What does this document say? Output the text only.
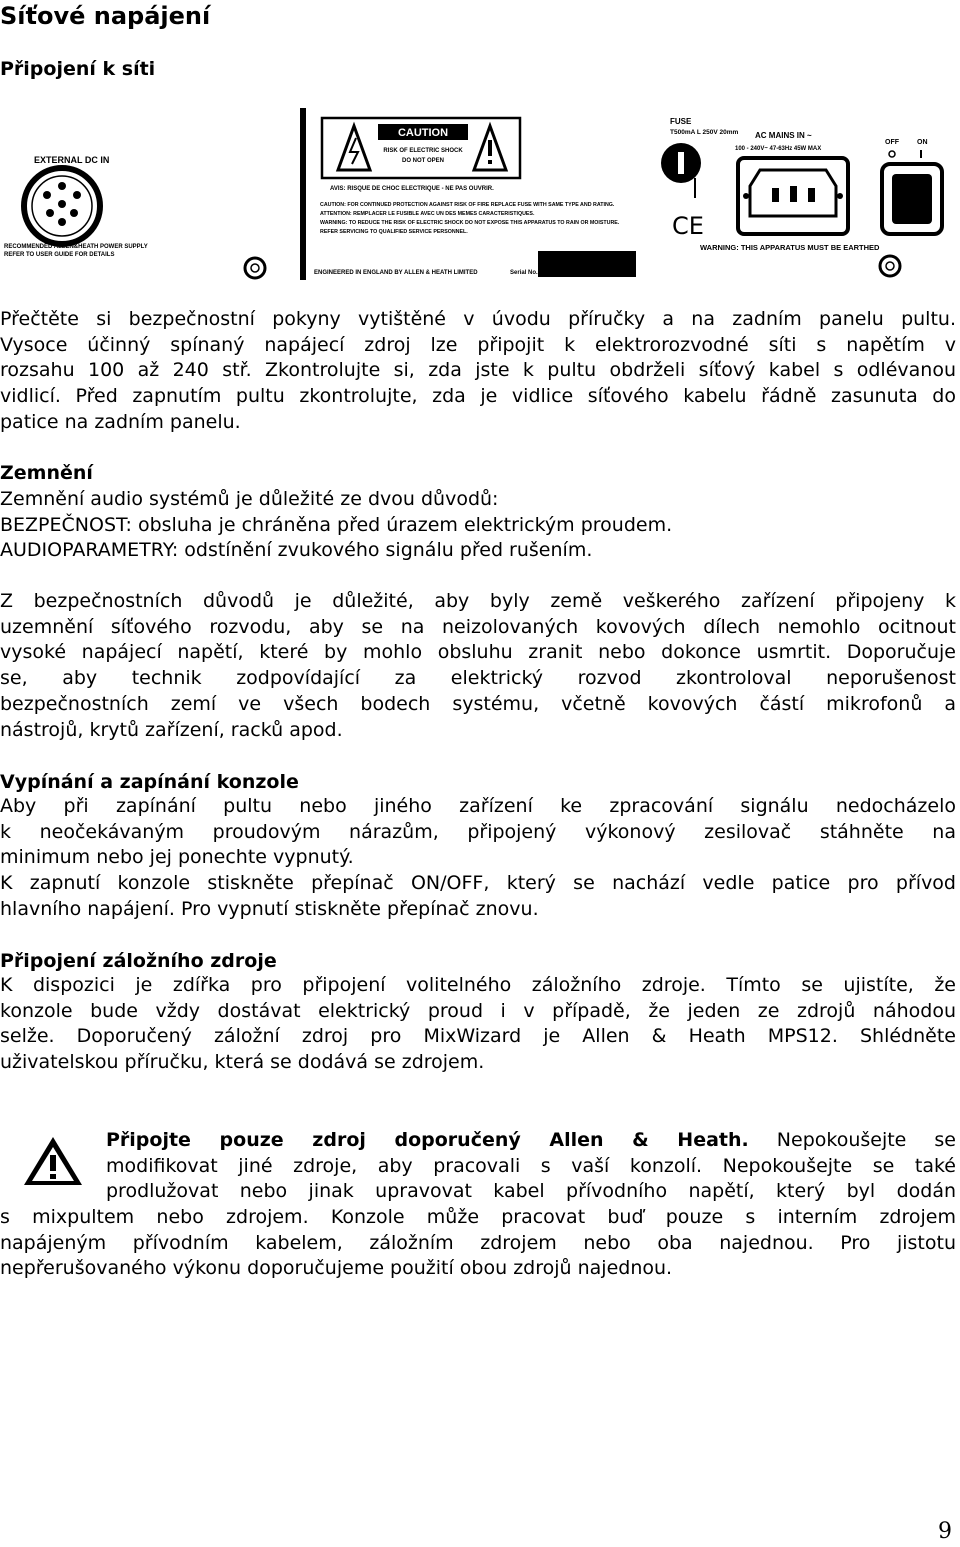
Síťové napájení
Připojení k síti
EXTERNAL DC IN
RECOMMENDED ALLEN&HEATH POWER SUPPLY
REFER TO USER GUIDE FOR DETAILS
CAUTION
RISK OF ELECTRIC SHOCK
DO NOT OPEN
AVIS: RISQUE DE CHOC ELECTRIQUE - NE PAS OUVRIR.
CAUTION: FOR CONTINUED PROTECTION AGAINST RISK OF FIRE REPLACE FUSE WITH SAME TYPE AND RATING.
ATTENTION: REMPLACER LE FUSIBLE AVEC UN DES MEMES CARACTERISTIQUES.
WARNING: TO REDUCE THE RISK OF ELECTRIC SHOCK DO NOT EXPOSE THIS APPARATUS TO RAIN OR MOISTURE.
REFER SERVICING TO QUALIFIED SERVICE PERSONNEL.
ENGINEERED IN ENGLAND BY ALLEN & HEATH LIMITED	Serial No.
FUSE
T500mA L 250V 20mm
CE
AC MAINS IN ~
100 - 240V~ 47-63Hz 45W MAX
OFF	ON
WARNING: THIS APPARATUS MUST BE EARTHED
Přečtěte si bezpečnostní pokyny vytištěné v úvodu příručky a na zadním panelu pultu.
Vysoce účinný spínaný napájecí zdroj lze připojit k elektrorozvodné síti s napětím v
rozsahu 100 až 240 stř. Zkontrolujte si, zda jste k pultu obdrželi síťový kabel s odlévanou
vidlicí. Před zapnutím pultu zkontrolujte, zda je vidlice síťového kabelu řádně zasunuta do
patice na zadním panelu.
Zemnění
Zemnění audio systémů je důležité ze dvou důvodů:
BEZPEČNOST: obsluha je chráněna před úrazem elektrickým proudem.
AUDIOPARAMETRY: odstínění zvukového signálu před rušením.
Z bezpečnostních důvodů je důležité, aby byly země veškerého zařízení připojeny k
uzemnění síťového rozvodu, aby se na neizolovaných kovových dílech nemohlo ocitnout
vysoké napájecí napětí, které by mohlo obsluhu zranit nebo dokonce usmrtit. Doporučuje
se, aby technik zodpovídající za elektrický rozvod zkontroloval neporušenost
bezpečnostních zemí ve všech bodech systému, včetně kovových částí mikrofonů a
nástrojů, krytů zařízení, racků apod.
Vypínání a zapínání konzole
Aby při zapínání pultu nebo jiného zařízení ke zpracování signálu nedocházelo
k neočekávaným proudovým nárazům, připojený výkonový zesilovač stáhněte na
minimum nebo jej ponechte vypnutý.
K zapnutí konzole stiskněte přepínač ON/OFF, který se nachází vedle patice pro přívod
hlavního napájení. Pro vypnutí stiskněte přepínač znovu.
Připojení záložního zdroje
K dispozici je zdířka pro připojení volitelného záložního zdroje. Tímto se ujistíte, že
konzole bude vždy dostávat elektrický proud i v případě, že jeden ze zdrojů náhodou
selže. Doporučený záložní zdroj pro MixWizard je Allen & Heath MPS12. Shlédněte
uživatelskou příručku, která se dodává se zdrojem.
Připojte pouze zdroj doporučený Allen & Heath. Nepokoušejte se
modifikovat jiné zdroje, aby pracovali s vaší konzolí. Nepokoušejte se také
prodlužovat nebo jinak upravovat kabel přívodního napětí, který byl dodán
s mixpultem nebo zdrojem. Konzole může pracovat buď pouze s interním zdrojem
napájeným přívodním kabelem, záložním zdrojem nebo oba najednou. Pro jistotu
nepřerušovaného výkonu doporučujeme použití obou zdrojů najednou.
9
